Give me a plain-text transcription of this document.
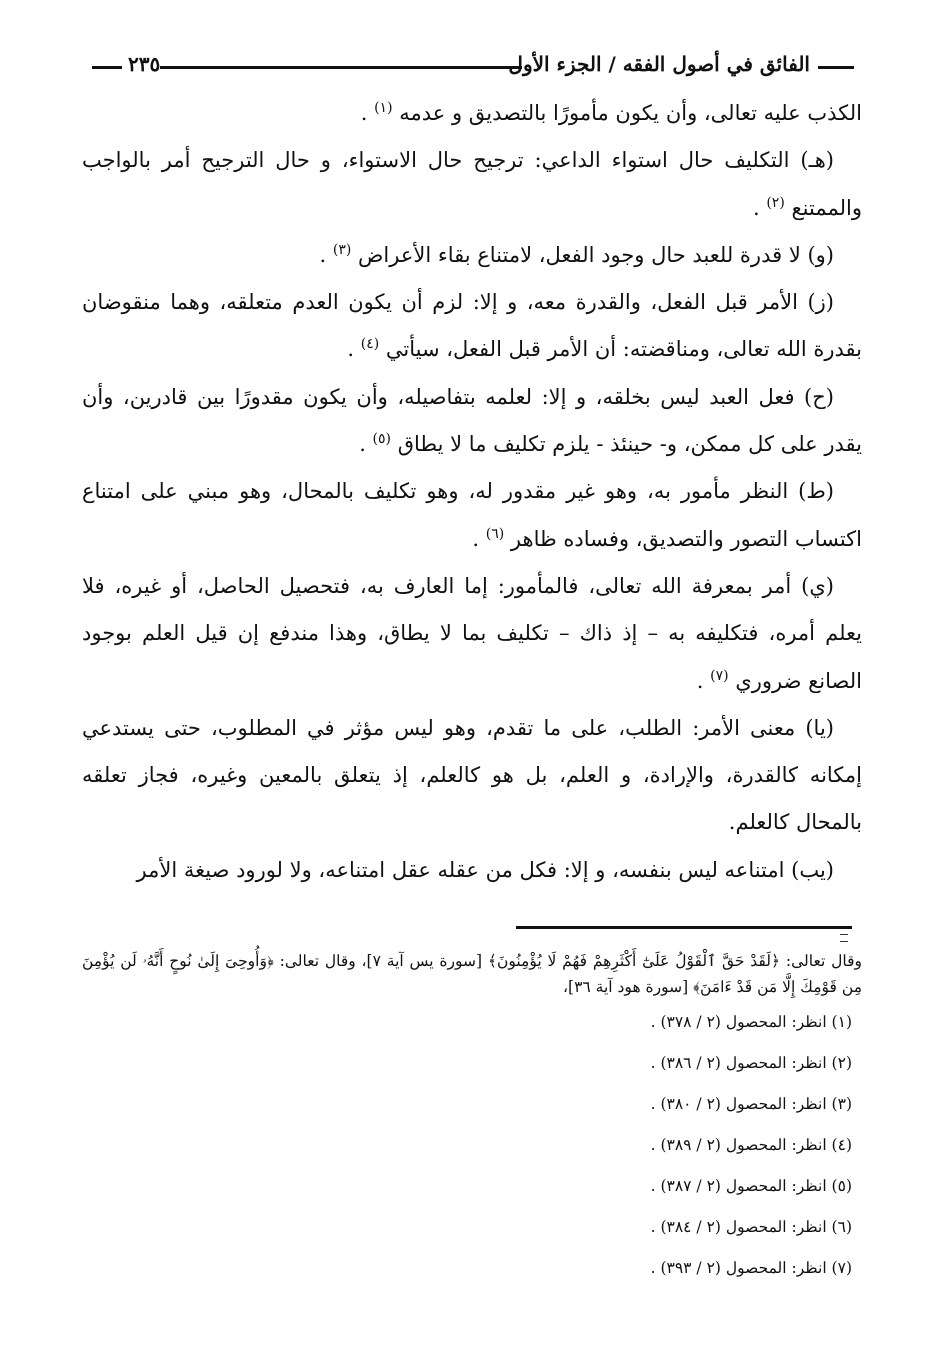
الفائق في أصول الفقه / الجزء الأول
٢٣٥

الكذب عليه تعالى، وأن يكون مأمورًا بالتصديق و عدمه $^{(١)}$ .

(هـ) التكليف حال استواء الداعي: ترجيح حال الاستواء، و حال الترجيح أمر بالواجب والممتنع $^{(٢)}$ .

(و) لا قدرة للعبد حال وجود الفعل، لامتناع بقاء الأعراض $^{(٣)}$ .

(ز) الأمر قبل الفعل، والقدرة معه، و إلا: لزم أن يكون العدم متعلقه، وهما منقوضان بقدرة الله تعالى، ومناقضته: أن الأمر قبل الفعل، سيأتي $^{(٤)}$ .

(ح) فعل العبد ليس بخلقه، و إلا: لعلمه بتفاصيله، وأن يكون مقدورًا بين قادرين، وأن يقدر على كل ممكن، و- حينئذ - يلزم تكليف ما لا يطاق $^{(٥)}$ .

(ط) النظر مأمور به، وهو غير مقدور له، وهو تكليف بالمحال، وهو مبني على امتناع اكتساب التصور والتصديق، وفساده ظاهر $^{(٦)}$ .

(ي) أمر بمعرفة الله تعالى، فالمأمور: إما العارف به، فتحصيل الحاصل، أو غيره، فلا يعلم أمره، فتكليفه به – إذ ذاك – تكليف بما لا يطاق، وهذا مندفع إن قيل العلم بوجود الصانع ضروري $^{(٧)}$ .

(يا) معنى الأمر: الطلب، على ما تقدم، وهو ليس مؤثر في المطلوب، حتى يستدعي إمكانه كالقدرة، والإرادة، و العلم، بل هو كالعلم، إذ يتعلق بالمعين وغيره، فجاز تعلقه بالمحال كالعلم.

(يب) امتناعه ليس بنفسه، و إلا: فكل من عقله عقل امتناعه، ولا لورود صيغة الأمر

وقال تعالى: ﴿لَقَدْ حَقَّ ٱلْقَوْلُ عَلَىٰٓ أَكْثَرِهِمْ فَهُمْ لَا يُؤْمِنُونَ﴾ [سورة يس آية ٧]، وقال تعالى: ﴿وَأُوحِىَ إِلَىٰ نُوحٍ أَنَّهُۥ لَن يُؤْمِنَ مِن قَوْمِكَ إِلَّا مَن قَدْ ءَامَنَ﴾ [سورة هود آية ٣٦]،

(١) انظر: المحصول (٢ / ٣٧٨) .

(٢) انظر: المحصول (٢ / ٣٨٦) .

(٣) انظر: المحصول (٢ / ٣٨٠) .

(٤) انظر: المحصول (٢ / ٣٨٩) .

(٥) انظر: المحصول (٢ / ٣٨٧) .

(٦) انظر: المحصول (٢ / ٣٨٤) .

(٧) انظر: المحصول (٢ / ٣٩٣) .
